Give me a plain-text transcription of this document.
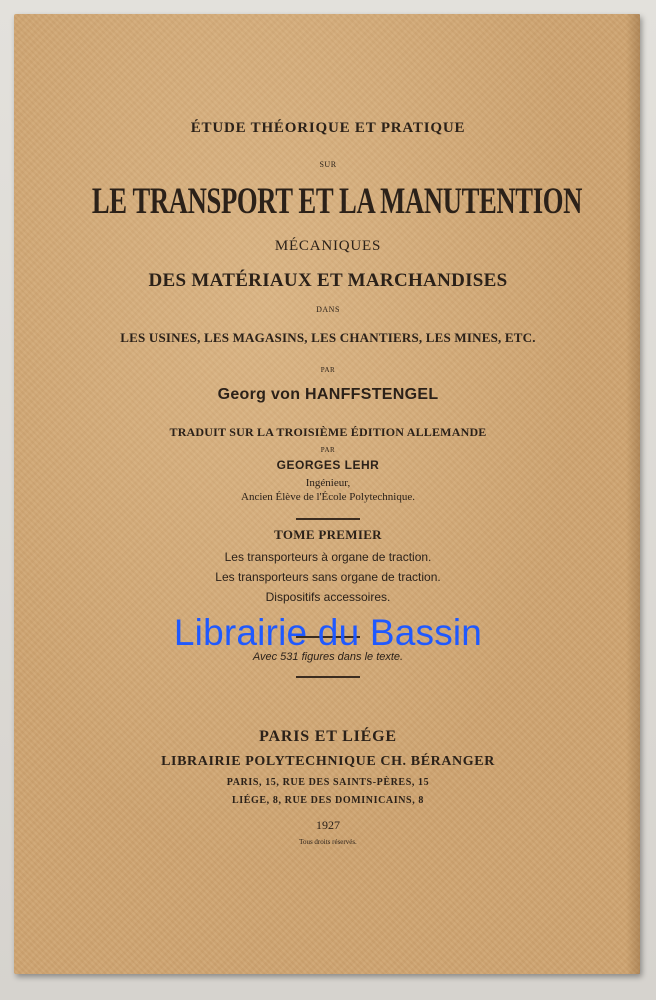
ÉTUDE THÉORIQUE ET PRATIQUE
SUR
LE TRANSPORT ET LA MANUTENTION
MÉCANIQUES
DES MATÉRIAUX ET MARCHANDISES
DANS
LES USINES, LES MAGASINS, LES CHANTIERS, LES MINES, ETC.
PAR
Georg von HANFFSTENGEL
TRADUIT SUR LA TROISIÈME ÉDITION ALLEMANDE
PAR
GEORGES LEHR
Ingénieur,
Ancien Élève de l'École Polytechnique.
TOME PREMIER
Les transporteurs à organe de traction.
Les transporteurs sans organe de traction.
Dispositifs accessoires.
Avec 531 figures dans le texte.
PARIS ET LIÉGE
LIBRAIRIE POLYTECHNIQUE CH. BÉRANGER
PARIS, 15, RUE DES SAINTS-PÈRES, 15
LIÉGE, 8, RUE DES DOMINICAINS, 8
1927
Tous droits réservés.
Librairie du Bassin
